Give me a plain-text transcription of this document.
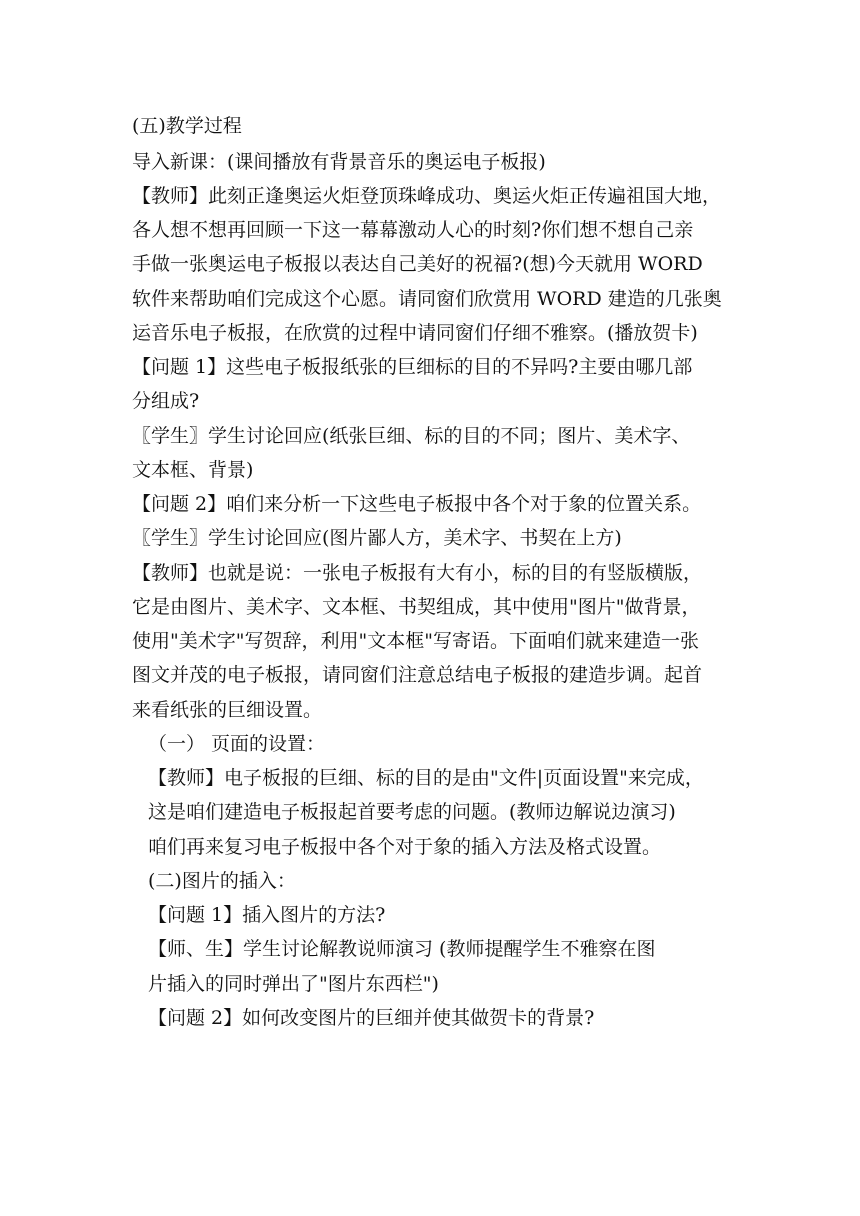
(五)教学过程
导入新课：(课间播放有背景音乐的奥运电子板报)
【教师】此刻正逢奥运火炬登顶珠峰成功、奥运火炬正传遍祖国大地，
各人想不想再回顾一下这一幕幕激动人心的时刻?你们想不想自己亲
手做一张奥运电子板报以表达自己美好的祝福?(想)今天就用 WORD
软件来帮助咱们完成这个心愿。请同窗们欣赏用 WORD 建造的几张奥
运音乐电子板报，在欣赏的过程中请同窗们仔细不雅察。(播放贺卡)
【问题 1】这些电子板报纸张的巨细标的目的不异吗?主要由哪几部
分组成?
〖学生〗学生讨论回应(纸张巨细、标的目的不同；图片、美术字、
文本框、背景)
【问题 2】咱们来分析一下这些电子板报中各个对于象的位置关系。
〖学生〗学生讨论回应(图片鄙人方，美术字、书契在上方)
【教师】也就是说：一张电子板报有大有小，标的目的有竖版横版，
它是由图片、美术字、文本框、书契组成，其中使用"图片"做背景，
使用"美术字"写贺辞，利用"文本框"写寄语。下面咱们就来建造一张
图文并茂的电子板报，请同窗们注意总结电子板报的建造步调。起首
来看纸张的巨细设置。
（一） 页面的设置：
【教师】电子板报的巨细、标的目的是由"文件|页面设置"来完成，
这是咱们建造电子板报起首要考虑的问题。(教师边解说边演习)
咱们再来复习电子板报中各个对于象的插入方法及格式设置。
(二)图片的插入：
【问题 1】插入图片的方法?
【师、生】学生讨论解教说师演习 (教师提醒学生不雅察在图
片插入的同时弹出了"图片东西栏")
【问题 2】如何改变图片的巨细并使其做贺卡的背景?
